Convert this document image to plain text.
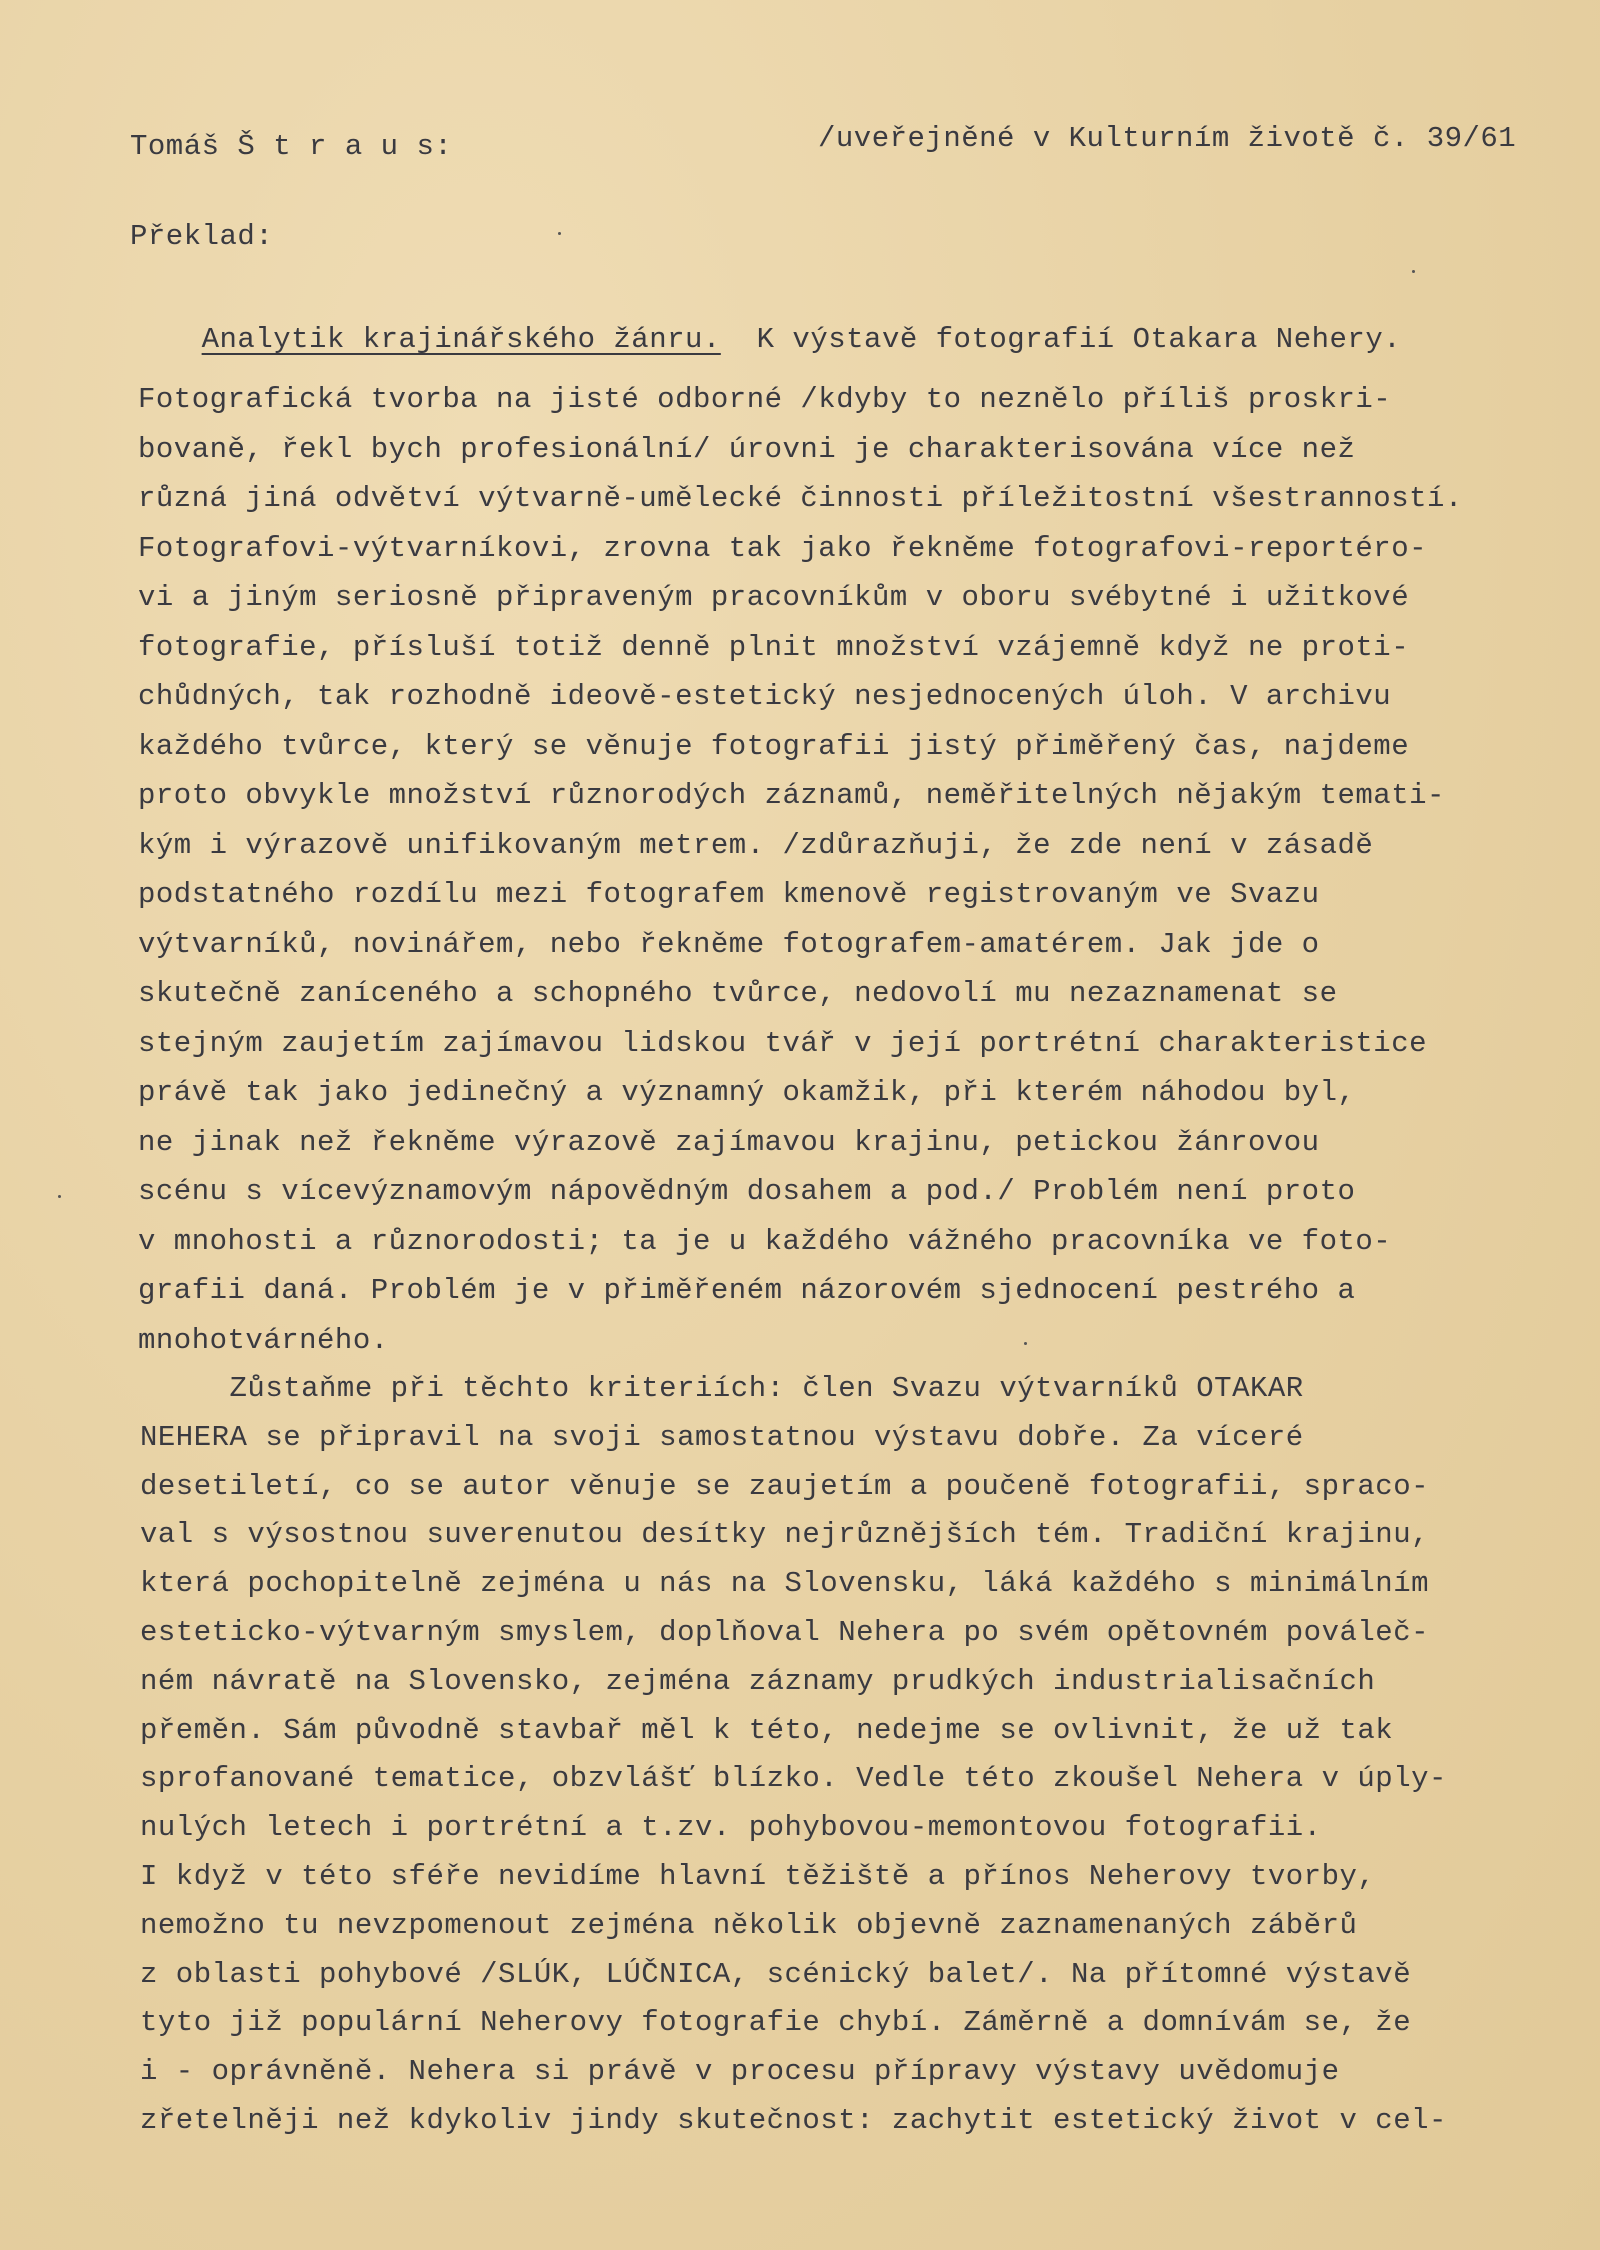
Tomáš Š t r a u s:	/uveřejněné v Kulturním životě č. 39/61
Překlad:

Analytik krajinářského žánru. K výstavě fotografií Otakara Nehery.

Fotografická tvorba na jisté odborné /kdyby to neznělo příliš proskri-
bovaně, řekl bych profesionální/ úrovni je charakterisována více než
různá jiná odvětví výtvarně-umělecké činnosti příležitostní všestranností.
Fotografovi-výtvarníkovi, zrovna tak jako řekněme fotografovi-reportérо-
vi a jiným seriosně připraveným pracovníkům v oboru svébytné i užitkové
fotografie, přísluší totiž denně plnit množství vzájemně když ne proti-
chůdných, tak rozhodně ideově-estetický nesjednocených úloh. V archivu
každého tvůrce, který se věnuje fotografii jistý přiměřený čas, najdeme
proto obvykle množství různorodých záznamů, neměřitelných nějakým temati-
kým i výrazově unifikovaným metrem. /zdůrazňuji, že zde není v zásadě
podstatného rozdílu mezi fotografem kmenově registrovaným ve Svazu
výtvarníků, novinářem, nebo řekněme fotografem-amatérem. Jak jde o
skutečně zaníceného a schopného tvůrce, nedovolí mu nezaznamenat se
stejným zaujetím zajímavou lidskou tvář v její portrétní charakteristice
právě tak jako jedinečný a významný okamžik, při kterém náhodou byl,
ne jinak než řekněme výrazově zajímavou krajinu, petickou žánrovou
scénu s vícevýznamovým nápovědným dosahem a pod./ Problém není proto
v mnohosti a různorodosti; ta je u každého vážného pracovníka ve foto-
grafii daná. Problém je v přiměřeném názorovém sjednocení pestrého a
mnohotvárného.
Zůstaňme při těchto kriteriích: člen Svazu výtvarníků OTAKAR
NEHERA se připravil na svoji samostatnou výstavu dobře. Za víceré
desetiletí, co se autor věnuje se zaujetím a poučeně fotografii, spraco-
val s výsostnou suverenutou desítky nejrůznějších tém. Tradiční krajinu,
která pochopitelně zejména u nás na Slovensku, láká každého s minimálním
esteticko-výtvarným smyslem, doplňoval Nehera po svém opětovném poválеč-
ném návratě na Slovensko, zejména záznamy prudkých industrialisačních
přeměn. Sám původně stavbař měl k této, nedejme se ovlivnit, že už tak
sprofanované tematice, obzvlášť blízko. Vedle této zkoušel Nehera v úply-
nulých letech i portrétní a t.zv. pohybovou-memontovou fotografii.
I když v této sféře nevidíme hlavní těžiště a přínos Neherovy tvorby,
nemožno tu nevzpomenout zejména několik objevně zaznamenaných záběrů
z oblasti pohybové /SLÚK, LÚČNICA, scénický balet/. Na přítomné výstavě
tyto již populární Neherovy fotografie chybí. Záměrně a domnívám se, že
i - oprávněně. Nehera si právě v procesu přípravy výstavy uvědomuje
zřetelněji než kdykoliv jindy skutečnost: zachytit estetický život v cel-
